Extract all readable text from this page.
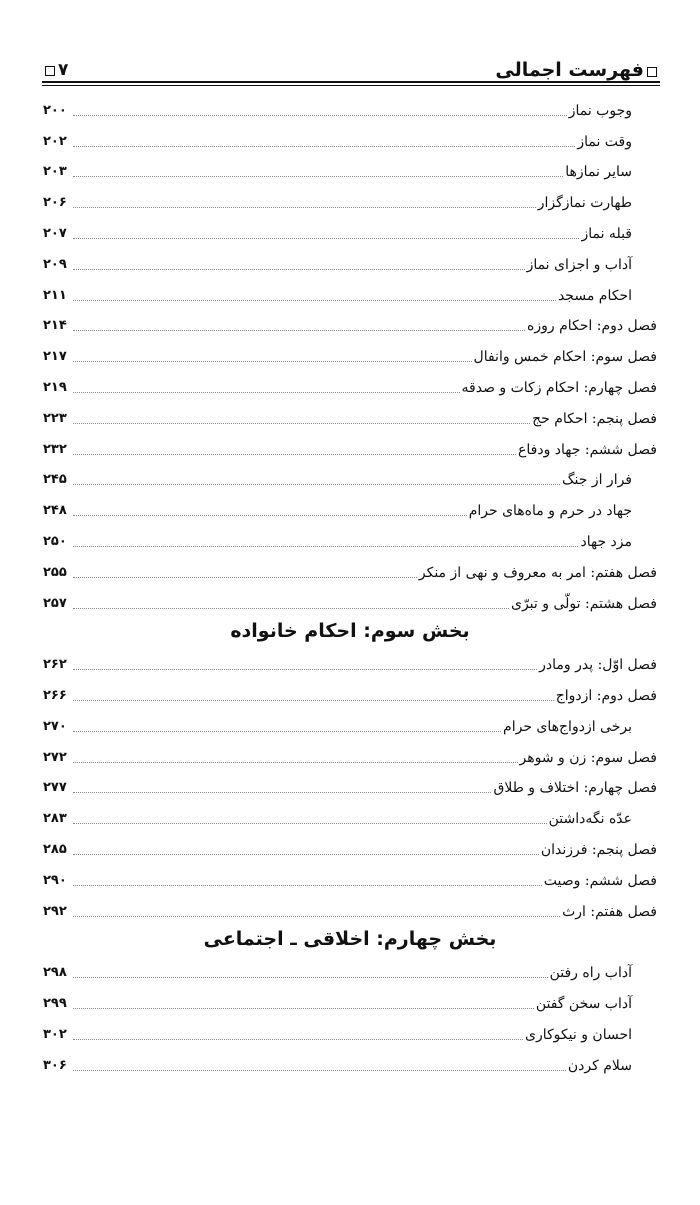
فهرست اجمالی
۷
وجوب نماز
۲۰۰
وقت نماز
۲۰۲
سایر نمازها
۲۰۳
طهارت نمازگزار
۲۰۶
قبله نماز
۲۰۷
آداب و اجزای نماز
۲۰۹
احکام مسجد
۲۱۱
فصل دوم: احکام روزه
۲۱۴
فصل سوم: احکام خمس وانفال
۲۱۷
فصل چهارم: احکام زکات و صدقه
۲۱۹
فصل پنجم: احکام حج
۲۲۳
فصل ششم: جهاد ودفاع
۲۳۲
فرار از جنگ
۲۴۵
جهاد در حرم و ماه‌های حرام
۲۴۸
مزد جهاد
۲۵۰
فصل هفتم: امر به معروف و نهی از منکر
۲۵۵
فصل هشتم: تولّی و تبرّی
۲۵۷
بخش سوم: احکام خانواده
فصل اوّل: پدر ومادر
۲۶۲
فصل دوم: ازدواج
۲۶۶
برخی ازدواج‌های حرام
۲۷۰
فصل سوم: زن و شوهر
۲۷۲
فصل چهارم: اختلاف و طلاق
۲۷۷
عدّه نگه‌داشتن
۲۸۳
فصل پنجم: فرزندان
۲۸۵
فصل ششم: وصیت
۲۹۰
فصل هفتم: ارث
۲۹۲
بخش چهارم: اخلاقی ـ اجتماعی
آداب راه رفتن
۲۹۸
آداب سخن گفتن
۲۹۹
احسان و نیکوکاری
۳۰۲
سلام کردن
۳۰۶
